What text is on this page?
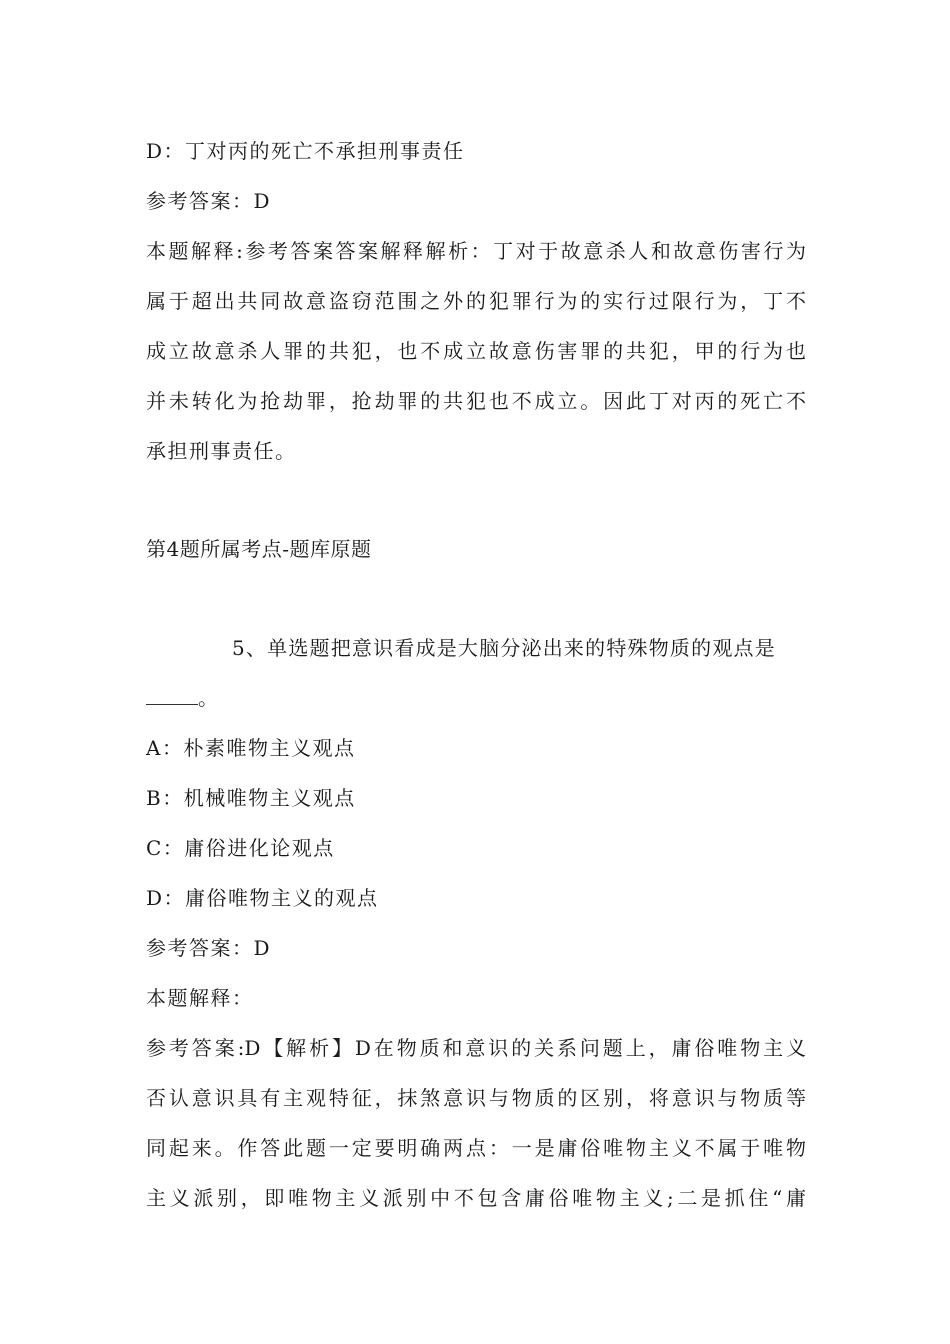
D：丁对丙的死亡不承担刑事责任

参考答案：D

本题解释:参考答案答案解释解析：丁对于故意杀人和故意伤害行为

属于超出共同故意盗窃范围之外的犯罪行为的实行过限行为，丁不

成立故意杀人罪的共犯，也不成立故意伤害罪的共犯，甲的行为也

并未转化为抢劫罪，抢劫罪的共犯也不成立。因此丁对丙的死亡不

承担刑事责任。

第4题所属考点-题库原题

5、单选题把意识看成是大脑分泌出来的特殊物质的观点是

。

A：朴素唯物主义观点

B：机械唯物主义观点

C：庸俗进化论观点

D：庸俗唯物主义的观点

参考答案：D

本题解释：

参考答案:D【解析】D在物质和意识的关系问题上，庸俗唯物主义

否认意识具有主观特征，抹煞意识与物质的区别，将意识与物质等

同起来。作答此题一定要明确两点：一是庸俗唯物主义不属于唯物

主义派别，即唯物主义派别中不包含庸俗唯物主义;二是抓住“庸
